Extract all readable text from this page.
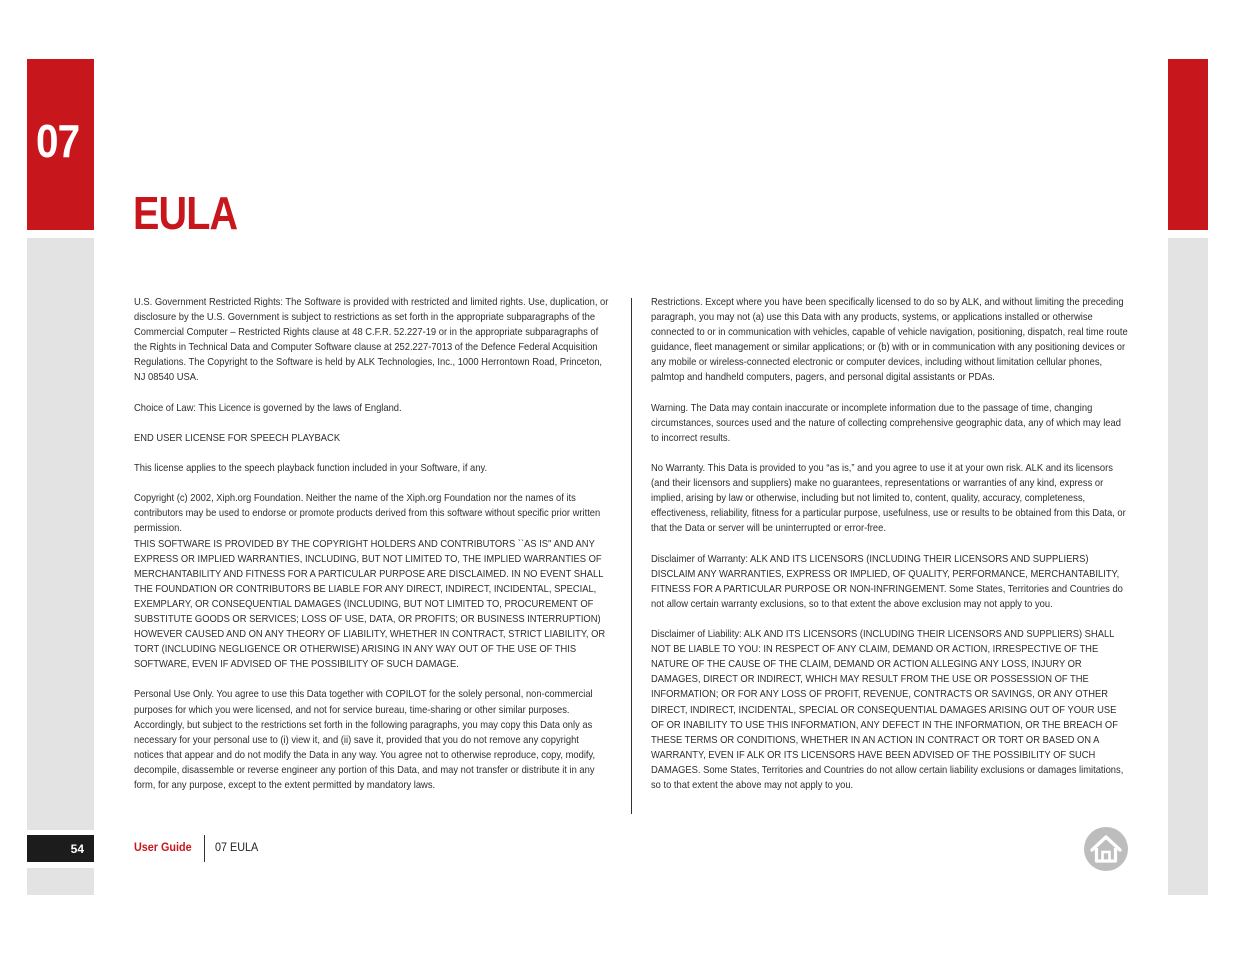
07
EULA

U.S. Government Restricted Rights: The Software is provided with restricted and limited rights. Use, duplication, or disclosure by the U.S. Government is subject to restrictions as set forth in the appropriate subparagraphs of the Commercial Computer – Restricted Rights clause at 48 C.F.R. 52.227-19 or in the appropriate subparagraphs of the Rights in Technical Data and Computer Software clause at 252.227-7013 of the Defence Federal Acquisition Regulations. The Copyright to the Software is held by ALK Technologies, Inc., 1000 Herrontown Road, Princeton, NJ 08540 USA.

Choice of Law: This Licence is governed by the laws of England.

END USER LICENSE FOR SPEECH PLAYBACK

This license applies to the speech playback function included in your Software, if any.

Copyright (c) 2002, Xiph.org Foundation. Neither the name of the Xiph.org Foundation nor the names of its contributors may be used to endorse or promote products derived from this software without specific prior written permission.

THIS SOFTWARE IS PROVIDED BY THE COPYRIGHT HOLDERS AND CONTRIBUTORS ``AS IS'' AND ANY EXPRESS OR IMPLIED WARRANTIES, INCLUDING, BUT NOT LIMITED TO, THE IMPLIED WARRANTIES OF MERCHANTABILITY AND FITNESS FOR A PARTICULAR PURPOSE ARE DISCLAIMED. IN NO EVENT SHALL THE FOUNDATION OR CONTRIBUTORS BE LIABLE FOR ANY DIRECT, INDIRECT, INCIDENTAL, SPECIAL, EXEMPLARY, OR CONSEQUENTIAL DAMAGES (INCLUDING, BUT NOT LIMITED TO, PROCUREMENT OF SUBSTITUTE GOODS OR SERVICES; LOSS OF USE, DATA, OR PROFITS; OR BUSINESS INTERRUPTION) HOWEVER CAUSED AND ON ANY THEORY OF LIABILITY, WHETHER IN CONTRACT, STRICT LIABILITY, OR TORT (INCLUDING NEGLIGENCE OR OTHERWISE) ARISING IN ANY WAY OUT OF THE USE OF THIS SOFTWARE, EVEN IF ADVISED OF THE POSSIBILITY OF SUCH DAMAGE.

Personal Use Only. You agree to use this Data together with COPILOT for the solely personal, non-commercial purposes for which you were licensed, and not for service bureau, time-sharing or other similar purposes. Accordingly, but subject to the restrictions set forth in the following paragraphs, you may copy this Data only as necessary for your personal use to (i) view it, and (ii) save it, provided that you do not remove any copyright notices that appear and do not modify the Data in any way. You agree not to otherwise reproduce, copy, modify, decompile, disassemble or reverse engineer any portion of this Data, and may not transfer or distribute it in any form, for any purpose, except to the extent permitted by mandatory laws.

Restrictions. Except where you have been specifically licensed to do so by ALK, and without limiting the preceding paragraph, you may not (a) use this Data with any products, systems, or applications installed or otherwise connected to or in communication with vehicles, capable of vehicle navigation, positioning, dispatch, real time route guidance, fleet management or similar applications; or (b) with or in communication with any positioning devices or any mobile or wireless-connected electronic or computer devices, including without limitation cellular phones, palmtop and handheld computers, pagers, and personal digital assistants or PDAs.

Warning. The Data may contain inaccurate or incomplete information due to the passage of time, changing circumstances, sources used and the nature of collecting comprehensive geographic data, any of which may lead to incorrect results.

No Warranty. This Data is provided to you “as is,” and you agree to use it at your own risk. ALK and its licensors (and their licensors and suppliers) make no guarantees, representations or warranties of any kind, express or implied, arising by law or otherwise, including but not limited to, content, quality, accuracy, completeness, effectiveness, reliability, fitness for a particular purpose, usefulness, use or results to be obtained from this Data, or that the Data or server will be uninterrupted or error-free.

Disclaimer of Warranty: ALK AND ITS LICENSORS (INCLUDING THEIR LICENSORS AND SUPPLIERS) DISCLAIM ANY WARRANTIES, EXPRESS OR IMPLIED, OF QUALITY, PERFORMANCE, MERCHANTABILITY, FITNESS FOR A PARTICULAR PURPOSE OR NON-INFRINGEMENT. Some States, Territories and Countries do not allow certain warranty exclusions, so to that extent the above exclusion may not apply to you.

Disclaimer of Liability: ALK AND ITS LICENSORS (INCLUDING THEIR LICENSORS AND SUPPLIERS) SHALL NOT BE LIABLE TO YOU: IN RESPECT OF ANY CLAIM, DEMAND OR ACTION, IRRESPECTIVE OF THE NATURE OF THE CAUSE OF THE CLAIM, DEMAND OR ACTION ALLEGING ANY LOSS, INJURY OR DAMAGES, DIRECT OR INDIRECT, WHICH MAY RESULT FROM THE USE OR POSSESSION OF THE INFORMATION; OR FOR ANY LOSS OF PROFIT, REVENUE, CONTRACTS OR SAVINGS, OR ANY OTHER DIRECT, INDIRECT, INCIDENTAL, SPECIAL OR CONSEQUENTIAL DAMAGES ARISING OUT OF YOUR USE OF OR INABILITY TO USE THIS INFORMATION, ANY DEFECT IN THE INFORMATION, OR THE BREACH OF THESE TERMS OR CONDITIONS, WHETHER IN AN ACTION IN CONTRACT OR TORT OR BASED ON A WARRANTY, EVEN IF ALK OR ITS LICENSORS HAVE BEEN ADVISED OF THE POSSIBILITY OF SUCH DAMAGES. Some States, Territories and Countries do not allow certain liability exclusions or damages limitations, so to that extent the above may not apply to you.

54	User Guide 07 EULA
